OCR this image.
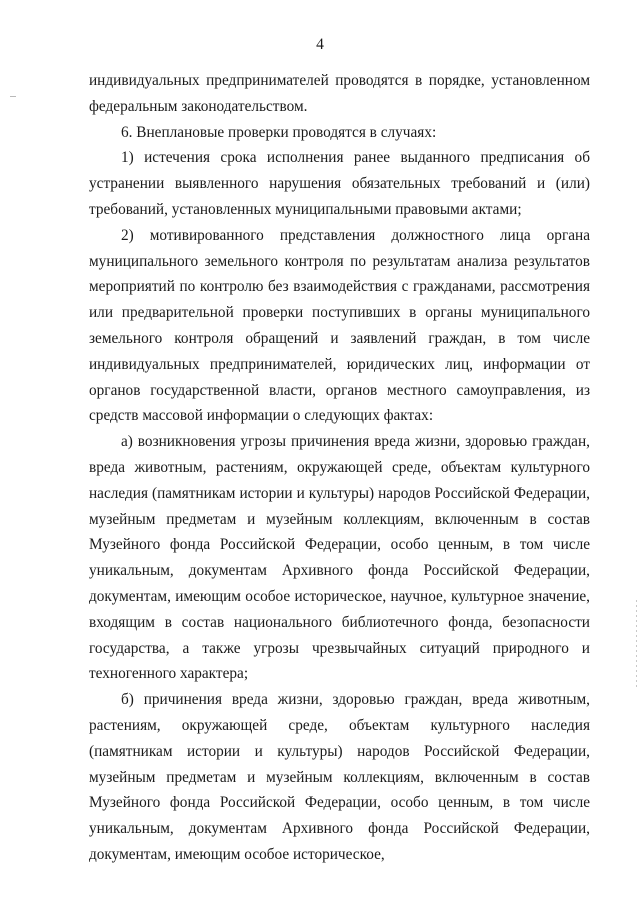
4

индивидуальных предпринимателей проводятся в порядке, установленном федеральным законодательством.

6. Внеплановые проверки проводятся в случаях:

1) истечения срока исполнения ранее выданного предписания об устранении выявленного нарушения обязательных требований и (или) требований, установленных муниципальными правовыми актами;

2) мотивированного представления должностного лица органа муниципального земельного контроля по результатам анализа результатов мероприятий по контролю без взаимодействия с гражданами, рассмотрения или предварительной проверки поступивших в органы муниципального земельного контроля обращений и заявлений граждан, в том числе индивидуальных предпринимателей, юридических лиц, информации от органов государственной власти, органов местного самоуправления, из средств массовой информации о следующих фактах:

а) возникновения угрозы причинения вреда жизни, здоровью граждан, вреда животным, растениям, окружающей среде, объектам культурного наследия (памятникам истории и культуры) народов Российской Федерации, музейным предметам и музейным коллекциям, включенным в состав Музейного фонда Российской Федерации, особо ценным, в том числе уникальным, документам Архивного фонда Российской Федерации, документам, имеющим особое историческое, научное, культурное значение, входящим в состав национального библиотечного фонда, безопасности государства, а также угрозы чрезвычайных ситуаций природного и техногенного характера;

б) причинения вреда жизни, здоровью граждан, вреда животным, растениям, окружающей среде, объектам культурного наследия (памятникам истории и культуры) народов Российской Федерации, музейным предметам и музейным коллекциям, включенным в состав Музейного фонда Российской Федерации, особо ценным, в том числе уникальным, документам Архивного фонда Российской Федерации, документам, имеющим особое историческое,
